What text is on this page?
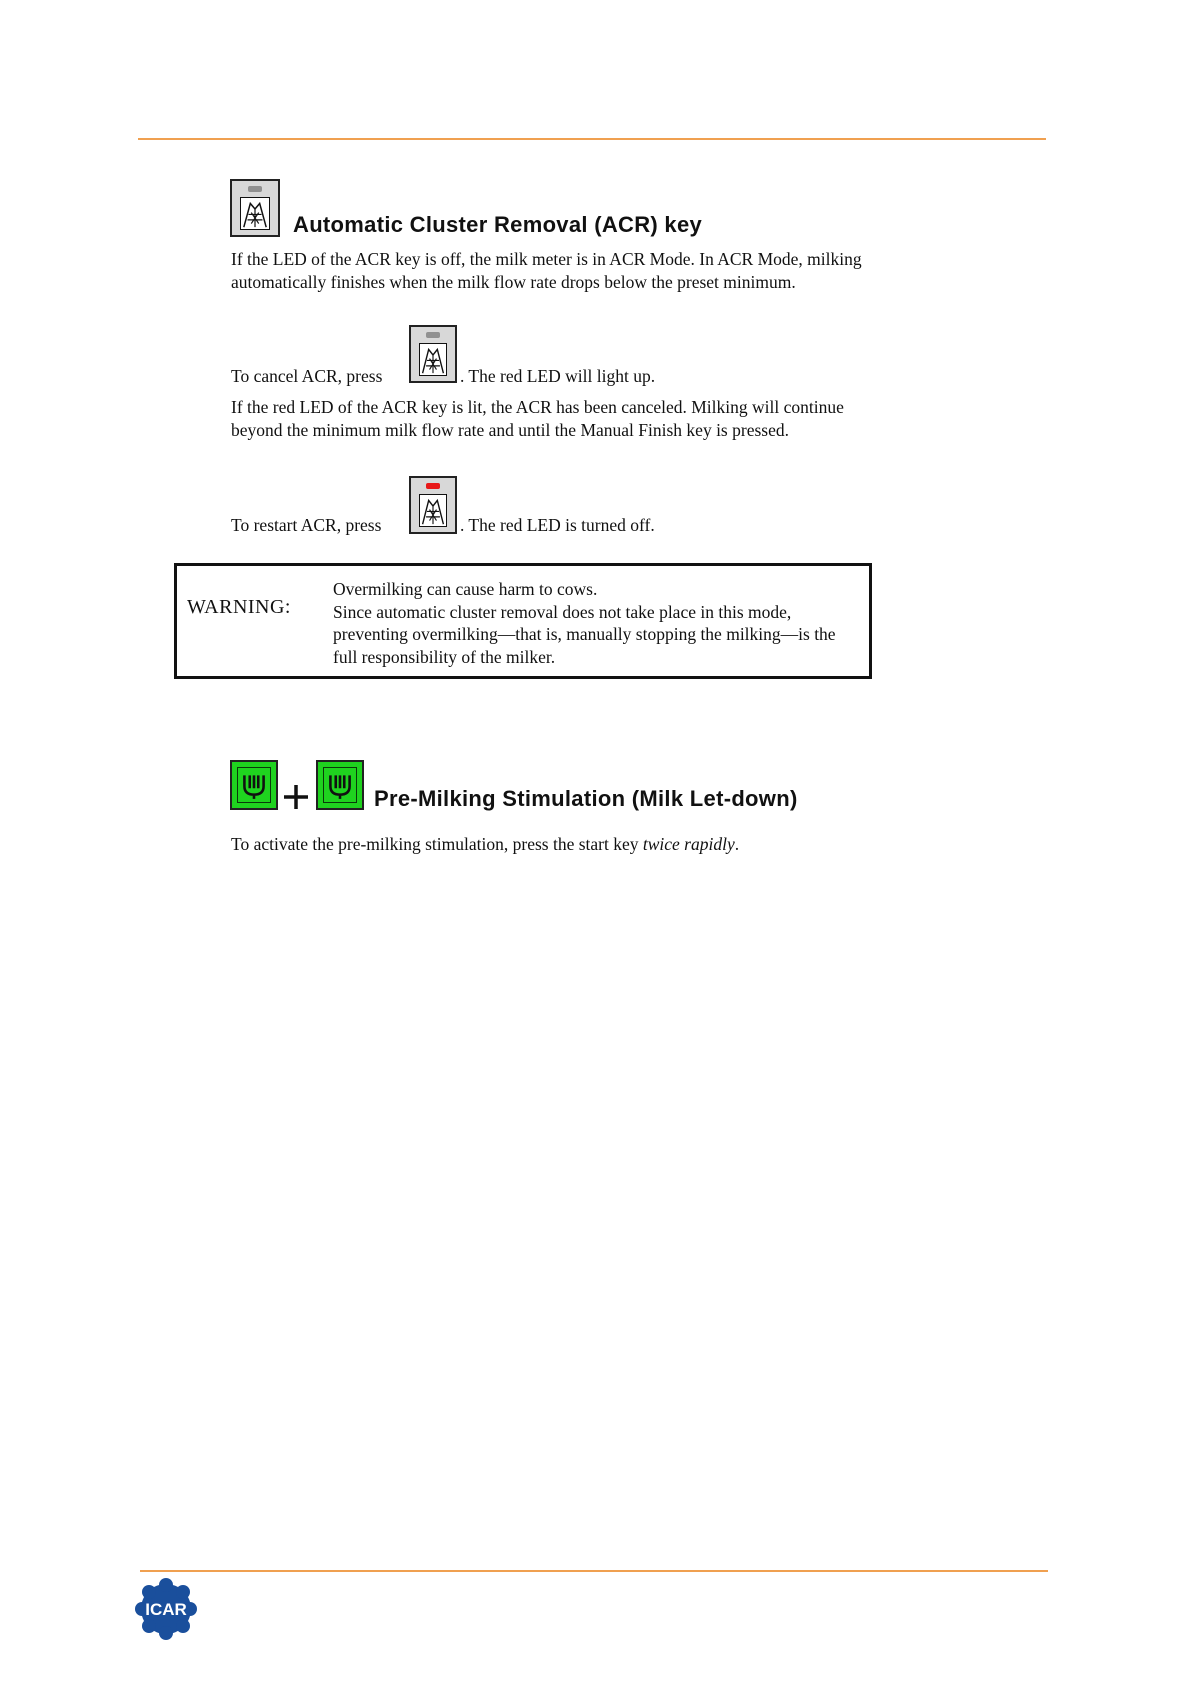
Automatic Cluster Removal (ACR) key
If the LED of the ACR key is off, the milk meter is in ACR Mode. In ACR Mode, milking automatically finishes when the milk flow rate drops below the preset minimum.
To cancel ACR, press	. The red LED will light up.
If the red LED of the ACR key is lit, the ACR has been canceled. Milking will continue beyond the minimum milk flow rate and until the Manual Finish key is pressed.
To restart ACR, press	. The red LED is turned off.
WARNING:
Overmilking can cause harm to cows.
Since automatic cluster removal does not take place in this mode, preventing overmilking—that is, manually stopping the milking—is the full responsibility of the milker.
Pre-Milking Stimulation (Milk Let-down)
To activate the pre-milking stimulation, press the start key twice rapidly.
ICAR
